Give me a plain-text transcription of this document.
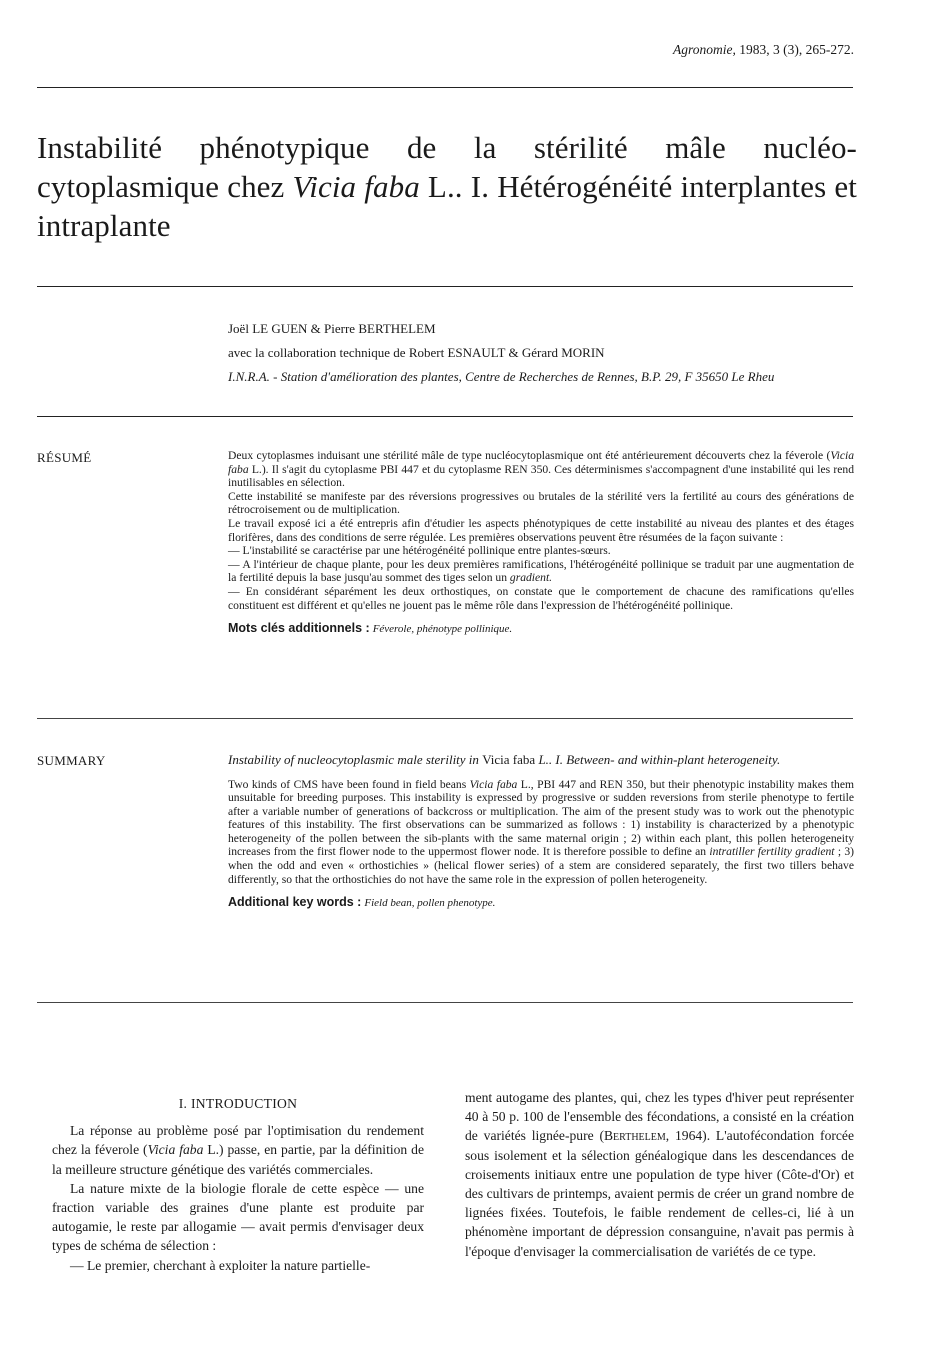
Agronomie, 1983, 3 (3), 265-272.
Instabilité phénotypique de la stérilité mâle nucléo-cytoplasmique chez Vicia faba L.. I. Hétérogénéité interplantes et intraplante
Joël LE GUEN & Pierre BERTHELEM
avec la collaboration technique de Robert ESNAULT & Gérard MORIN
I.N.R.A. - Station d'amélioration des plantes, Centre de Recherches de Rennes, B.P. 29, F 35650 Le Rheu
RÉSUMÉ	Deux cytoplasmes induisant une stérilité mâle de type nucléocytoplasmique ont été antérieurement découverts chez la féverole (Vicia faba L.). Il s'agit du cytoplasme PBI 447 et du cytoplasme REN 350. Ces déterminismes s'accompagnent d'une instabilité qui les rend inutilisables en sélection.

Cette instabilité se manifeste par des réversions progressives ou brutales de la stérilité vers la fertilité au cours des générations de rétrocroisement ou de multiplication.

Le travail exposé ici a été entrepris afin d'étudier les aspects phénotypiques de cette instabilité au niveau des plantes et des étages florifères, dans des conditions de serre régulée. Les premières observations peuvent être résumées de la façon suivante :

— L'instabilité se caractérise par une hétérogénéité pollinique entre plantes-sœurs.

— A l'intérieur de chaque plante, pour les deux premières ramifications, l'hétérogénéité pollinique se traduit par une augmentation de la fertilité depuis la base jusqu'au sommet des tiges selon un gradient.

— En considérant séparément les deux orthostiques, on constate que le comportement de chacune des ramifications qu'elles constituent est différent et qu'elles ne jouent pas le même rôle dans l'expression de l'hétérogénéité pollinique.

Mots clés additionnels : Féverole, phénotype pollinique.

SUMMARY	Instability of nucleocytoplasmic male sterility in Vicia faba L.. I. Between- and within-plant heterogeneity.

Two kinds of CMS have been found in field beans Vicia faba L., PBI 447 and REN 350, but their phenotypic instability makes them unsuitable for breeding purposes. This instability is expressed by progressive or sudden reversions from sterile phenotype to fertile after a variable number of generations of backcross or multiplication. The aim of the present study was to work out the phenotypic features of this instability. The first observations can be summarized as follows : 1) instability is characterized by a phenotypic heterogeneity of the pollen between the sib-plants with the same maternal origin ; 2) within each plant, this pollen heterogeneity increases from the first flower node to the uppermost flower node. It is therefore possible to define an intratiller fertility gradient ; 3) when the odd and even « orthostichies » (helical flower series) of a stem are considered separately, the first two tillers behave differently, so that the orthostichies do not have the same role in the expression of pollen heterogeneity.

Additional key words : Field bean, pollen phenotype.

I. INTRODUCTION

La réponse au problème posé par l'optimisation du rendement chez la féverole (Vicia faba L.) passe, en partie, par la définition de la meilleure structure génétique des variétés commerciales.

La nature mixte de la biologie florale de cette espèce — une fraction variable des graines d'une plante est produite par autogamie, le reste par allogamie — avait permis d'envisager deux types de schéma de sélection :

— Le premier, cherchant à exploiter la nature partielle-

ment autogame des plantes, qui, chez les types d'hiver peut représenter 40 à 50 p. 100 de l'ensemble des fécondations, a consisté en la création de variétés lignée-pure (Berthelem, 1964). L'autofécondation forcée sous isolement et la sélection généalogique dans les descendances de croisements initiaux entre une population de type hiver (Côte-d'Or) et des cultivars de printemps, avaient permis de créer un grand nombre de lignées fixées. Toutefois, le faible rendement de celles-ci, lié à un phénomène important de dépression consanguine, n'avait pas permis à l'époque d'envisager la commercialisation de variétés de ce type.
